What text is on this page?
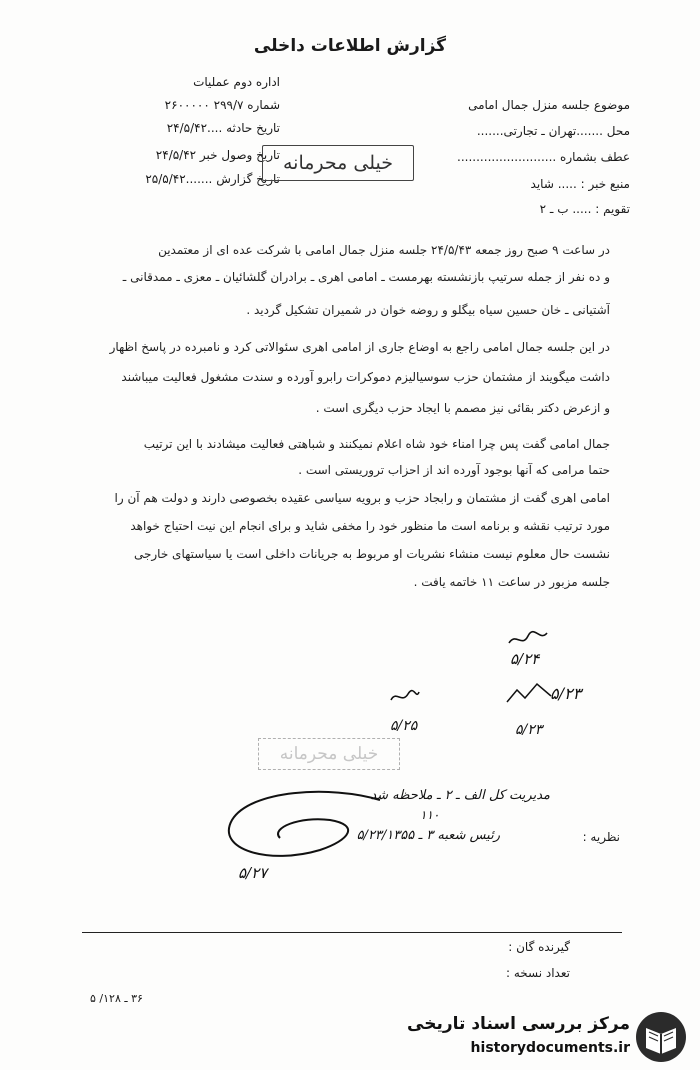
گزارش اطلاعات داخلی
اداره دوم عملیات
شماره ۲۹۹/۷ ۲۶۰۰۰۰۰
تاریخ حادثه ....۲۴/۵/۴۲
تاریخ وصول خبر ۲۴/۵/۴۲
تاریخ گزارش .......۲۵/۵/۴۲
موضوع جلسه منزل جمال امامی
محل .......تهران ـ تجارتی.......
عطف بشماره ..........................
منبع خبر : ..... شاید
تقویم : ..... ب ـ ۲
خیلی محرمانه
در ساعت ۹ صبح روز جمعه ۲۴/۵/۴۳ جلسه منزل جمال امامی با شرکت عده ای از معتمدین
و ده نفر از جمله سرتیپ بازنشسته بهرمست ـ امامی اهری ـ برادران گلشائیان ـ معزی ـ ممدقانی ـ
آشتیانی ـ خان حسین سیاه بیگلو و روضه خوان در شمیران تشکیل گردید .
در این جلسه جمال امامی راجع به اوضاع جاری از امامی اهری سئوالاتی کرد و نامبرده در پاسخ اظهار
داشت میگویند از مشتمان حزب سوسیالیزم دموکرات رابرو آورده و سندت مشغول فعالیت میباشند
و ازعرض دکتر بقائی نیز مصمم با ایجاد حزب دیگری است .
جمال امامی گفت پس چرا امناء خود شاه اعلام نمیکنند و شباهتی فعالیت میشادند با این ترتیب
حتما مرامی که آنها بوجود آورده اند از احزاب تروریستی است .
امامی اهری گفت از مشتمان و رابجاد حزب و برویه سیاسی عقیده بخصوصی دارند و دولت هم آن را
مورد ترتیب نقشه و برنامه است ما منظور خود را مخفی شاید و برای انجام این نیت احتیاج خواهد
نشست حال معلوم نیست منشاء نشریات او مربوط به جریانات داخلی است یا سیاستهای خارجی
جلسه مزبور در ساعت ۱۱ خاتمه یافت .
۵/۲۴
۵/۲۳
۵/۲۳
۵/۲۵
خیلی محرمانه
مدیریت کل الف ـ ۲ ـ ملاحظه شد
۱۱۰
رئیس شعبه ۳ ـ ۵/۲۳/۱۳۵۵
۵/۲۷
نظریه :
گیرنده گان :
تعداد نسخه :
۳۶ ـ ۱۲۸/ ۵
مرکز بررسی اسناد تاریخی
historydocuments.ir
